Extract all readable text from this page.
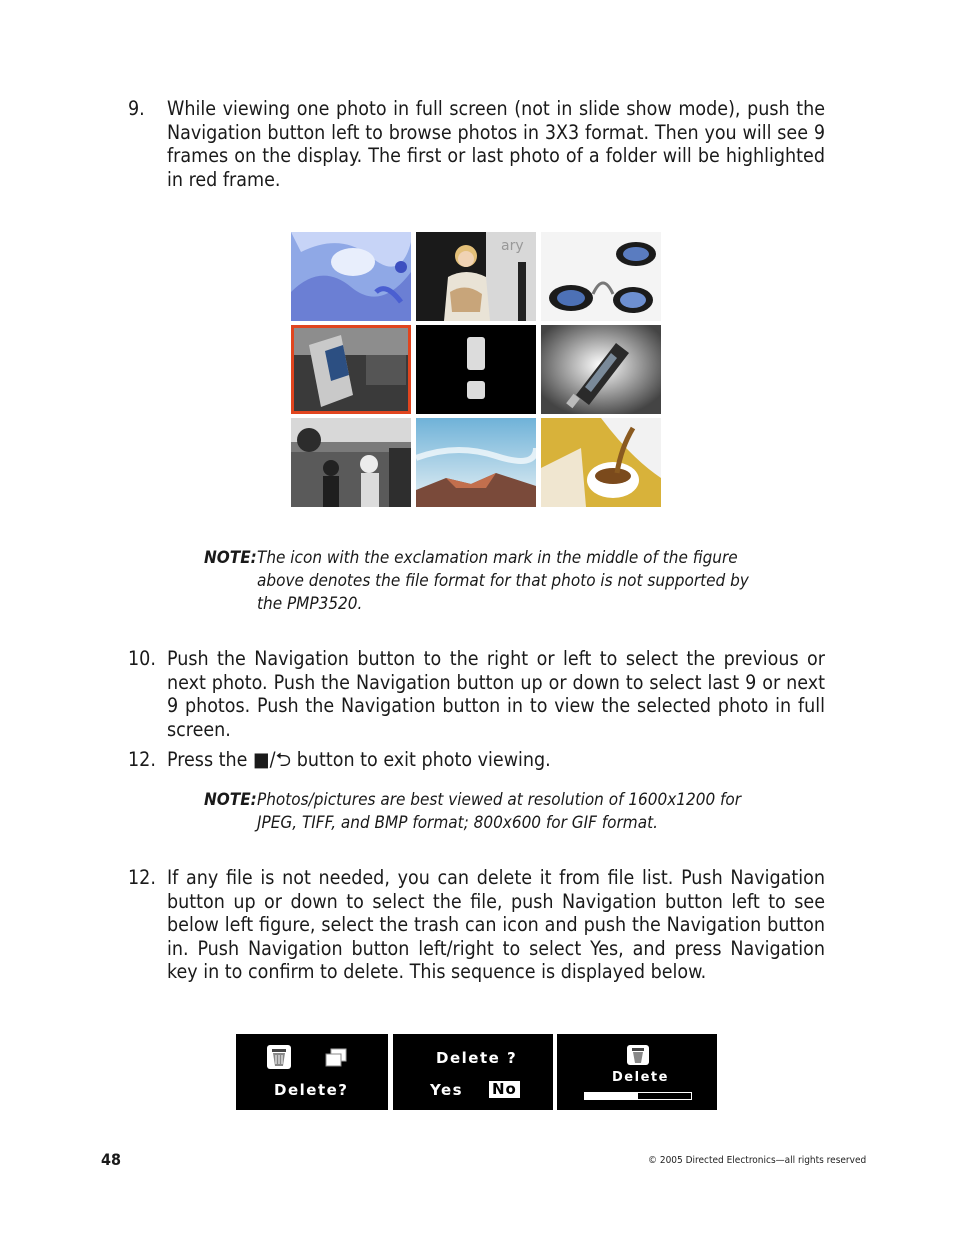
9. While viewing one photo in full screen (not in slide show mode), push the Navigation button left to browse photos in 3X3 format. Then you will see 9 frames on the display. The first or last photo of a folder will be highlighted in red frame.
ary
NOTE: The icon with the exclamation mark in the middle of the figure above denotes the file format for that photo is not supported by the PMP3520.
10. Push the Navigation button to the right or left to select the previous or next photo. Push the Navigation button up or down to select last 9 or next 9 photos. Push the Navigation button in to view the selected photo in full screen.
12. Press the ■/⮌ button to exit photo viewing.
NOTE: Photos/pictures are best viewed at resolution of 1600x1200 for JPEG, TIFF, and BMP format; 800x600 for GIF format.
12. If any file is not needed, you can delete it from file list. Push Navigation button up or down to select the file, push Navigation button left to see below left figure, select the trash can icon and push the Navigation button in. Push Navigation button left/right to select Yes, and press Navigation key in to confirm to delete. This sequence is displayed below.
Delete?
Delete ?
Yes No
Delete
48	© 2005 Directed Electronics—all rights reserved
